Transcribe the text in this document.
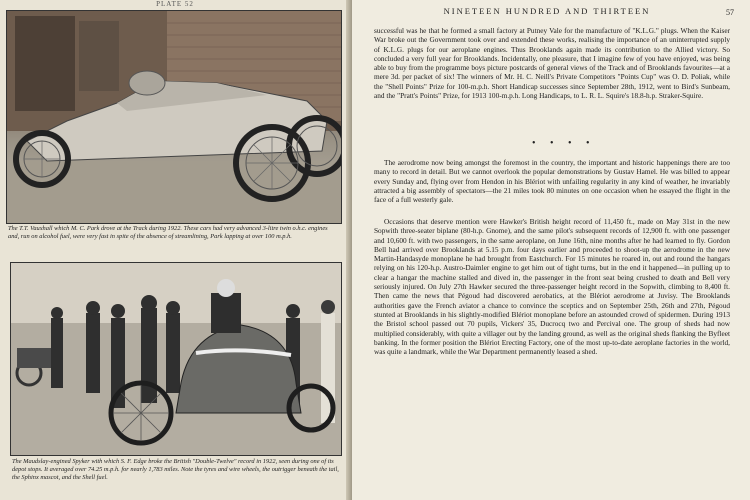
PLATE 52
The T.T. Vauxhall which M. C. Park drove at the Track during 1922. These cars had very advanced 3-litre twin o.h.c. engines and, run on alcohol fuel, were very fast in spite of the absence of streamlining, Park lapping at over 100 m.p.h.
The Maudslay-engined Spyker with which S. F. Edge broke the British "Double-Twelve" record in 1922, seen during one of its depot stops. It averaged over 74.25 m.p.h. for nearly 1,783 miles. Note the tyres and wire wheels, the outrigger beneath the tail, the Sphinx mascot, and the Shell fuel.
NINETEEN HUNDRED AND THIRTEEN	57
successful was he that he formed a small factory at Putney Vale for the manufacture of "K.L.G." plugs. When the Kaiser War broke out the Government took over and extended these works, realising the importance of an uninterrupted supply of K.L.G. plugs for our aeroplane engines. Thus Brooklands again made its contribution to the Allied victory. So concluded a very full year for Brooklands. Incidentally, one pleasure, that I imagine few of you have enjoyed, was being able to buy from the programme boys picture postcards of general views of the Track and of Brooklands favourites—at a mere 3d. per packet of six! The winners of Mr. H. C. Neill's Private Competitors "Points Cup" was O. D. Poliak, while the "Shell Points" Prize for 100-m.p.h. Short Handicap successes since September 28th, 1912, went to Bird's Sunbeam, and the "Pratt's Points" Prize, for 1913 100-m.p.h. Long Handicaps, to L. R. L. Squire's 18.8-h.p. Straker-Squire.
• • • •
The aerodrome now being amongst the foremost in the country, the important and historic happenings there are too many to record in detail. But we cannot overlook the popular demonstrations by Gustav Hamel. He was billed to appear every Sunday and, flying over from Hendon in his Blériot with unfailing regularity in any kind of weather, he invariably attracted a big assembly of spectators—the 21 miles took 80 minutes on one occasion when he essayed the flight in the face of a full westerly gale.
Occasions that deserve mention were Hawker's British height record of 11,450 ft., made on May 31st in the new Sopwith three-seater biplane (80-h.p. Gnome), and the same pilot's subsequent records of 12,900 ft. with one passenger and 10,600 ft. with two passengers, in the same aeroplane, on June 16th, nine months after he had learned to fly. Gordon Bell had arrived over Brooklands at 5.15 p.m. four days earlier and proceeded to shoot-up the aerodrome in the new Martin-Handasyde monoplane he had brought from Eastchurch. For 15 minutes he roared in, out and round the hangars relying on his 120-h.p. Austro-Daimler engine to get him out of tight turns, but in the end it happened—in pulling up to clear a hangar the machine stalled and dived in, the passenger in the front seat being crushed to death and Bell very seriously injured. On July 27th Hawker secured the three-passenger height record in the Sopwith, climbing to 8,400 ft. Then came the news that Pégoud had discovered aerobatics, at the Blériot aerodrome at Juvisy. The Brooklands authorities gave the French aviator a chance to convince the sceptics and on September 25th, 26th and 27th, Pégoud stunted at Brooklands in his slightly-modified Blériot monoplane before an astounded crowd of spidermen. During 1913 the Bristol school passed out 70 pupils, Vickers' 35, Ducrocq two and Percival one. The group of sheds had now multiplied considerably, with quite a villager out by the landing ground, as well as the original sheds flanking the Byfleet banking. In the former position the Blériot Erecting Factory, one of the most up-to-date aeroplane factories in the world, was quite a landmark, while the War Department permanently leased a shed.
